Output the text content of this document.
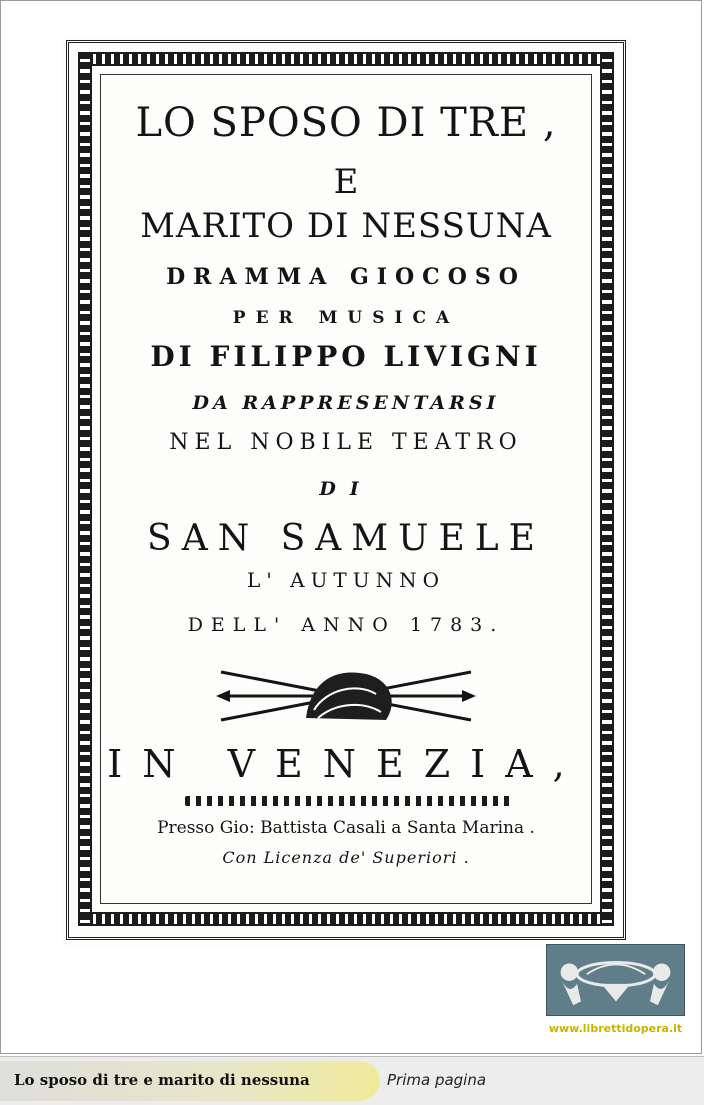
LO SPOSO DI TRE ,
E
MARITO DI NESSUNA
DRAMMA GIOCOSO
PER MUSICA
DI FILIPPO LIVIGNI
DA RAPPRESENTARSI
NEL NOBILE TEATRO
DI
SAN SAMUELE
L' AUTUNNO
DELL' ANNO 1783.
IN VENEZIA,
Presso Gio: Battista Casali a Santa Marina .
Con Licenza de' Superiori .
www.librettidopera.it
Lo sposo di tre e marito di nessuna	Prima pagina
